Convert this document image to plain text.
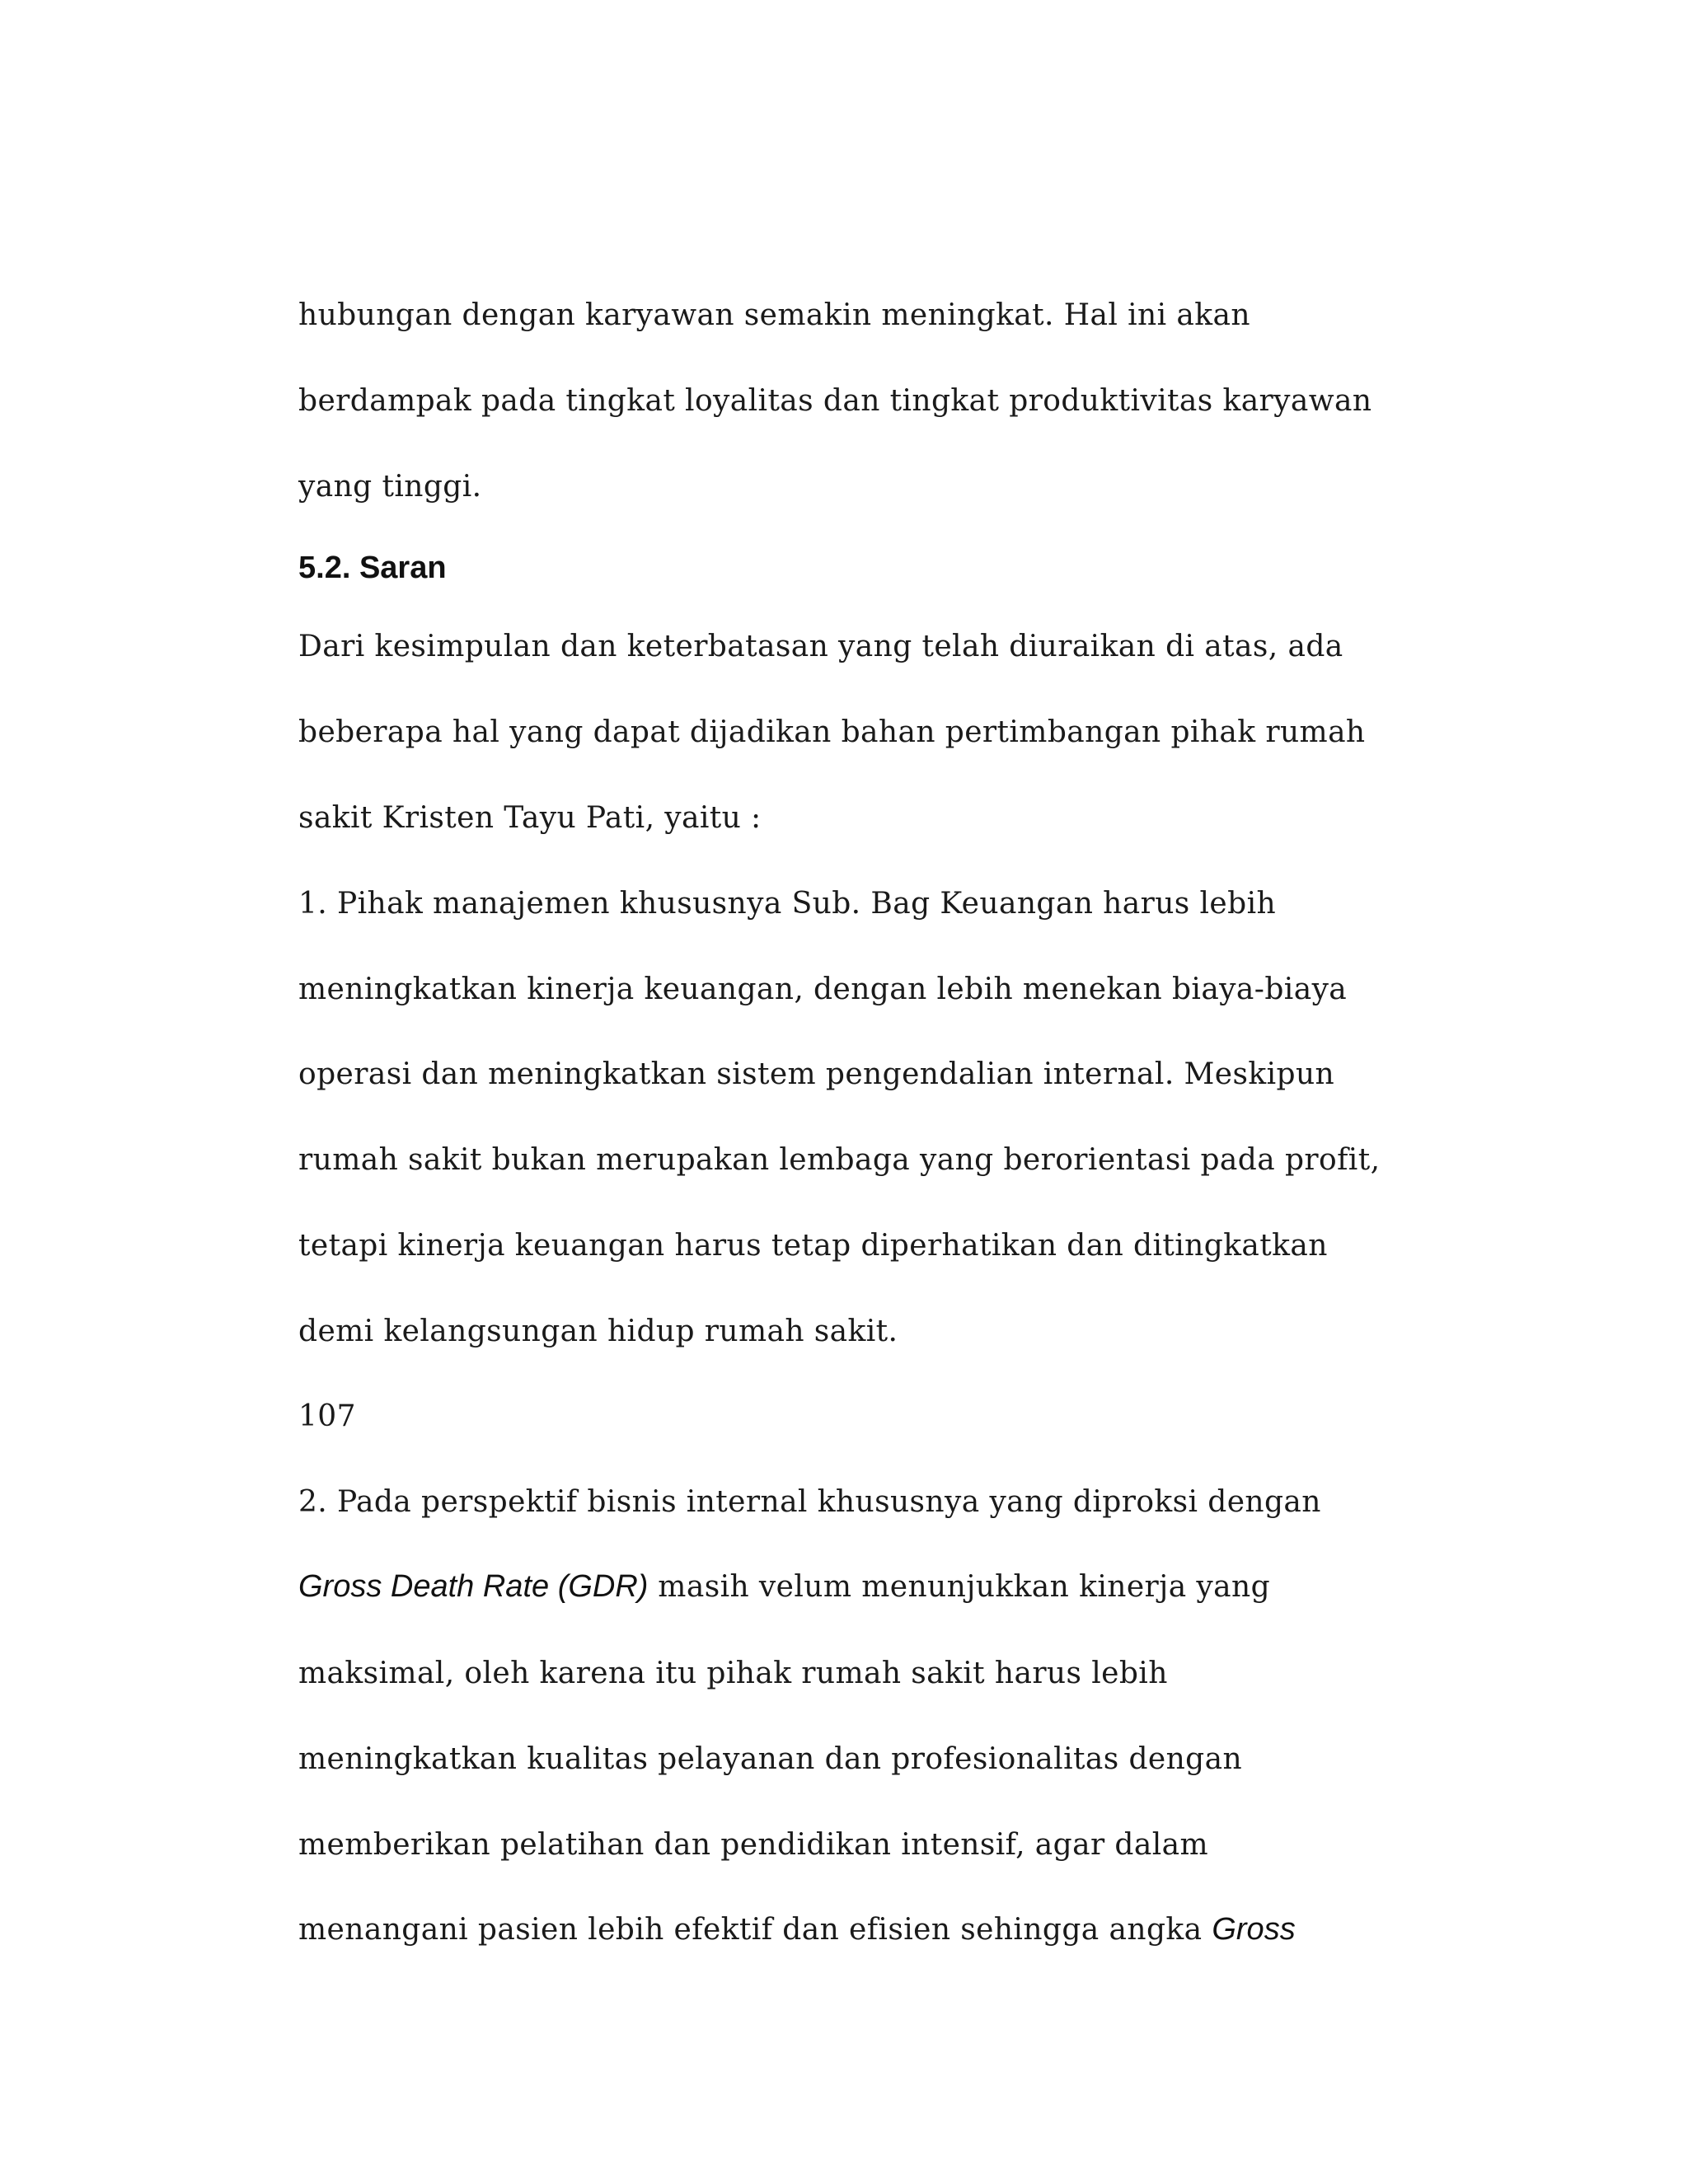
hubungan dengan karyawan semakin meningkat. Hal ini akan
berdampak pada tingkat loyalitas dan tingkat produktivitas karyawan
yang tinggi.
5.2. Saran
Dari kesimpulan dan keterbatasan yang telah diuraikan di atas, ada
beberapa hal yang dapat dijadikan bahan pertimbangan pihak rumah
sakit Kristen Tayu Pati, yaitu :
1. Pihak manajemen khususnya Sub. Bag Keuangan harus lebih
meningkatkan kinerja keuangan, dengan lebih menekan biaya-biaya
operasi dan meningkatkan sistem pengendalian internal. Meskipun
rumah sakit bukan merupakan lembaga yang berorientasi pada profit,
tetapi kinerja keuangan harus tetap diperhatikan dan ditingkatkan
demi kelangsungan hidup rumah sakit.
107
2. Pada perspektif bisnis internal khususnya yang diproksi dengan
Gross Death Rate (GDR) masih velum menunjukkan kinerja yang
maksimal, oleh karena itu pihak rumah sakit harus lebih
meningkatkan kualitas pelayanan dan profesionalitas dengan
memberikan pelatihan dan pendidikan intensif, agar dalam
menangani pasien lebih efektif dan efisien sehingga angka Gross
